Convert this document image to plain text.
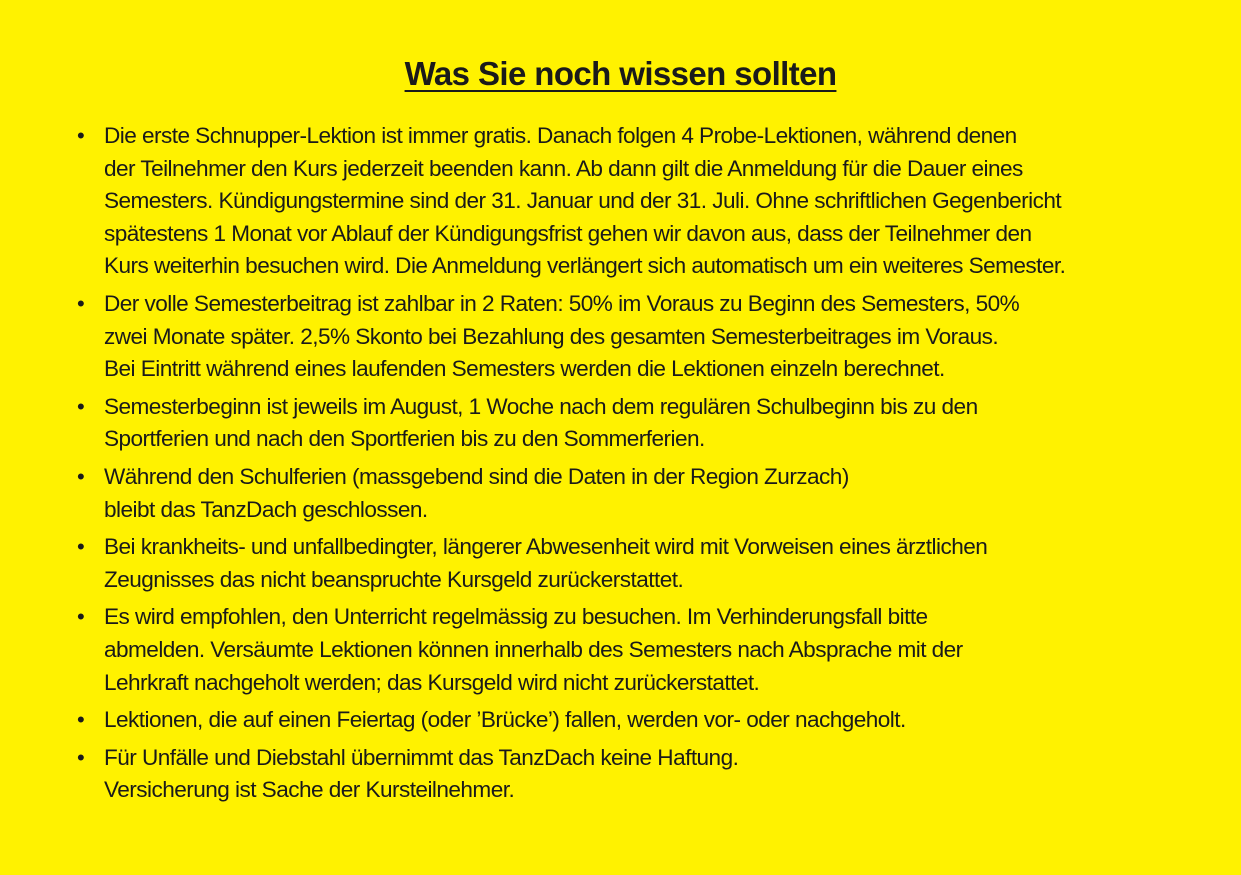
Was Sie noch wissen sollten
• Die erste Schnupper-Lektion ist immer gratis. Danach folgen 4 Probe-Lektionen, während denen
der Teilnehmer den Kurs jederzeit beenden kann. Ab dann gilt die Anmeldung für die Dauer eines
Semesters. Kündigungstermine sind der 31. Januar und der 31. Juli. Ohne schriftlichen Gegenbericht
spätestens 1 Monat vor Ablauf der Kündigungsfrist gehen wir davon aus, dass der Teilnehmer den
Kurs weiterhin besuchen wird. Die Anmeldung verlängert sich automatisch um ein weiteres Semester.
• Der volle Semesterbeitrag ist zahlbar in 2 Raten: 50% im Voraus zu Beginn des Semesters, 50%
zwei Monate später. 2,5% Skonto bei Bezahlung des gesamten Semesterbeitrages im Voraus.
Bei Eintritt während eines laufenden Semesters werden die Lektionen einzeln berechnet.
• Semesterbeginn ist jeweils im August, 1 Woche nach dem regulären Schulbeginn bis zu den
Sportferien und nach den Sportferien bis zu den Sommerferien.
• Während den Schulferien (massgebend sind die Daten in der Region Zurzach)
bleibt das TanzDach geschlossen.
• Bei krankheits- und unfallbedingter, längerer Abwesenheit wird mit Vorweisen eines ärztlichen
Zeugnisses das nicht beanspruchte Kursgeld zurückerstattet.
• Es wird empfohlen, den Unterricht regelmässig zu besuchen. Im Verhinderungsfall bitte
abmelden. Versäumte Lektionen können innerhalb des Semesters nach Absprache mit der
Lehrkraft nachgeholt werden; das Kursgeld wird nicht zurückerstattet.
• Lektionen, die auf einen Feiertag (oder ’Brücke’) fallen, werden vor- oder nachgeholt.
• Für Unfälle und Diebstahl übernimmt das TanzDach keine Haftung.
Versicherung ist Sache der Kursteilnehmer.
